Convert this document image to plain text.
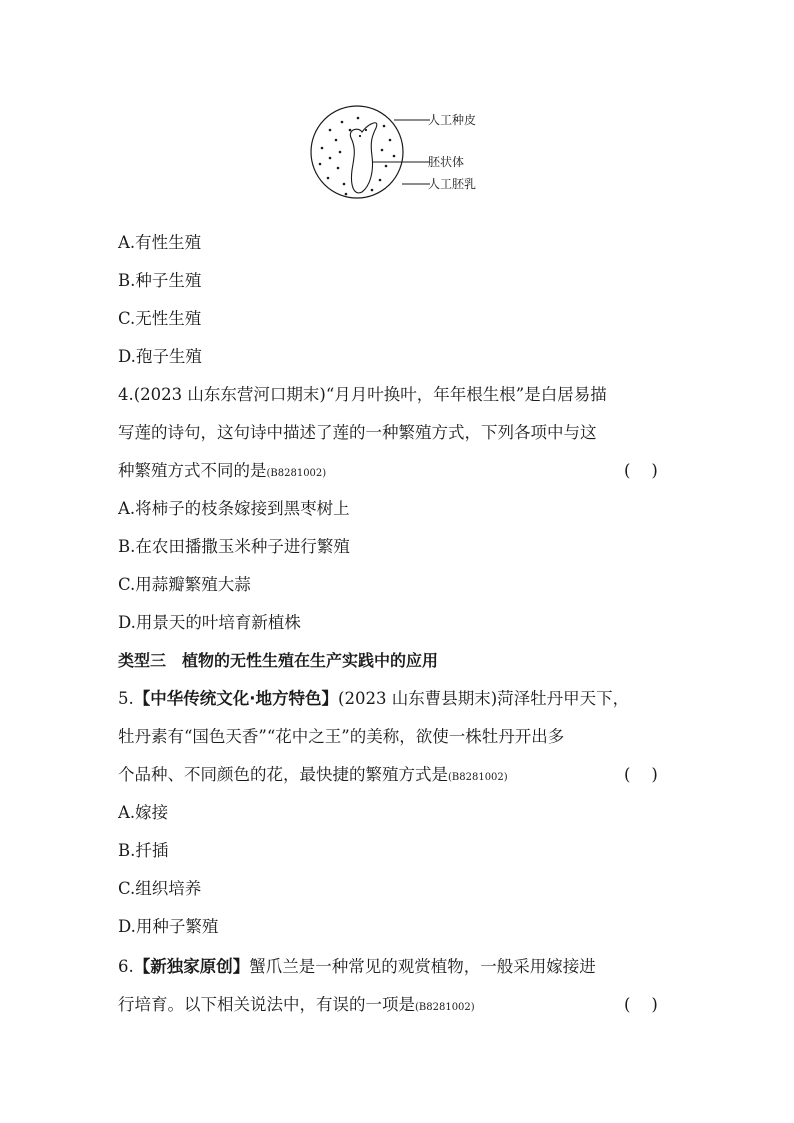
人工种皮
胚状体
人工胚乳
A.有性生殖
B.种子生殖
C.无性生殖
D.孢子生殖
4.(2023 山东东营河口期末)“月月叶换叶，年年根生根”是白居易描
写莲的诗句，这句诗中描述了莲的一种繁殖方式，下列各项中与这
种繁殖方式不同的是(B8281002)	(    )
A.将柿子的枝条嫁接到黑枣树上
B.在农田播撒玉米种子进行繁殖
C.用蒜瓣繁殖大蒜
D.用景天的叶培育新植株
类型三　植物的无性生殖在生产实践中的应用
5.【中华传统文化·地方特色】(2023 山东曹县期末)菏泽牡丹甲天下，
牡丹素有“国色天香”“花中之王”的美称，欲使一株牡丹开出多
个品种、不同颜色的花，最快捷的繁殖方式是(B8281002)	(    )
A.嫁接
B.扦插
C.组织培养
D.用种子繁殖
6.【新独家原创】蟹爪兰是一种常见的观赏植物，一般采用嫁接进
行培育。以下相关说法中，有误的一项是(B8281002)	(    )
